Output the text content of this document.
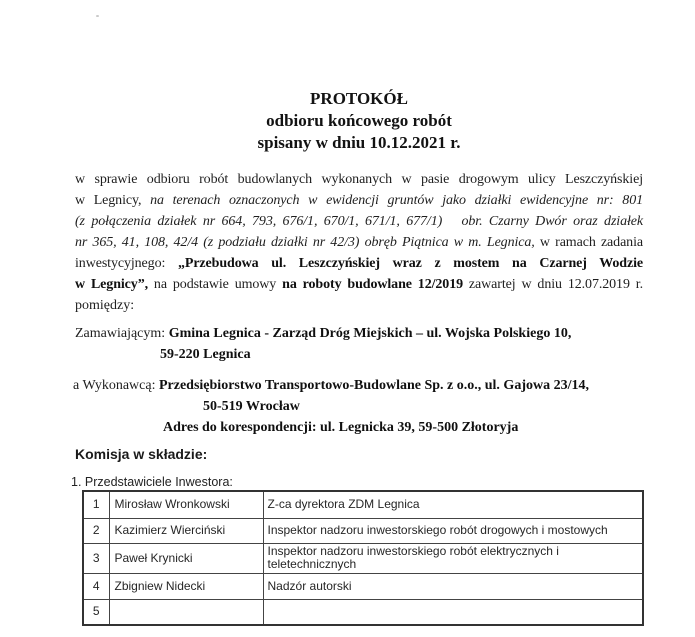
PROTOKÓŁ
odbioru końcowego robót
spisany w dniu 10.12.2021 r.
w sprawie odbioru robót budowlanych wykonanych w pasie drogowym ulicy Leszczyńskiej
w Legnicy, na terenach oznaczonych w ewidencji gruntów jako działki ewidencyjne nr: 801
(z połączenia działek nr 664, 793, 676/1, 670/1, 671/1, 677/1)   obr. Czarny Dwór oraz działek
nr 365, 41, 108, 42/4 (z podziału działki nr 42/3) obręb Piątnica w m. Legnica, w ramach zadania
inwestycyjnego: „Przebudowa ul. Leszczyńskiej wraz z mostem na Czarnej Wodzie
w Legnicy”, na podstawie umowy na roboty budowlane 12/2019 zawartej w dniu 12.07.2019 r.
pomiędzy:
Zamawiającym: Gmina Legnica - Zarząd Dróg Miejskich – ul. Wojska Polskiego 10,
59-220 Legnica
a Wykonawcą: Przedsiębiorstwo Transportowo-Budowlane Sp. z o.o., ul. Gajowa 23/14,
50-519 Wrocław
Adres do korespondencji: ul. Legnicka 39, 59-500 Złotoryja
Komisja w składzie:
1. Przedstawiciele Inwestora:
1	Mirosław Wronkowski	Z-ca dyrektora ZDM Legnica
2	Kazimierz Wierciński	Inspektor nadzoru inwestorskiego robót drogowych i mostowych
3	Paweł Krynicki	Inspektor nadzoru inwestorskiego robót elektrycznych i teletechnicznych
4	Zbigniew Nidecki	Nadzór autorski
5		
